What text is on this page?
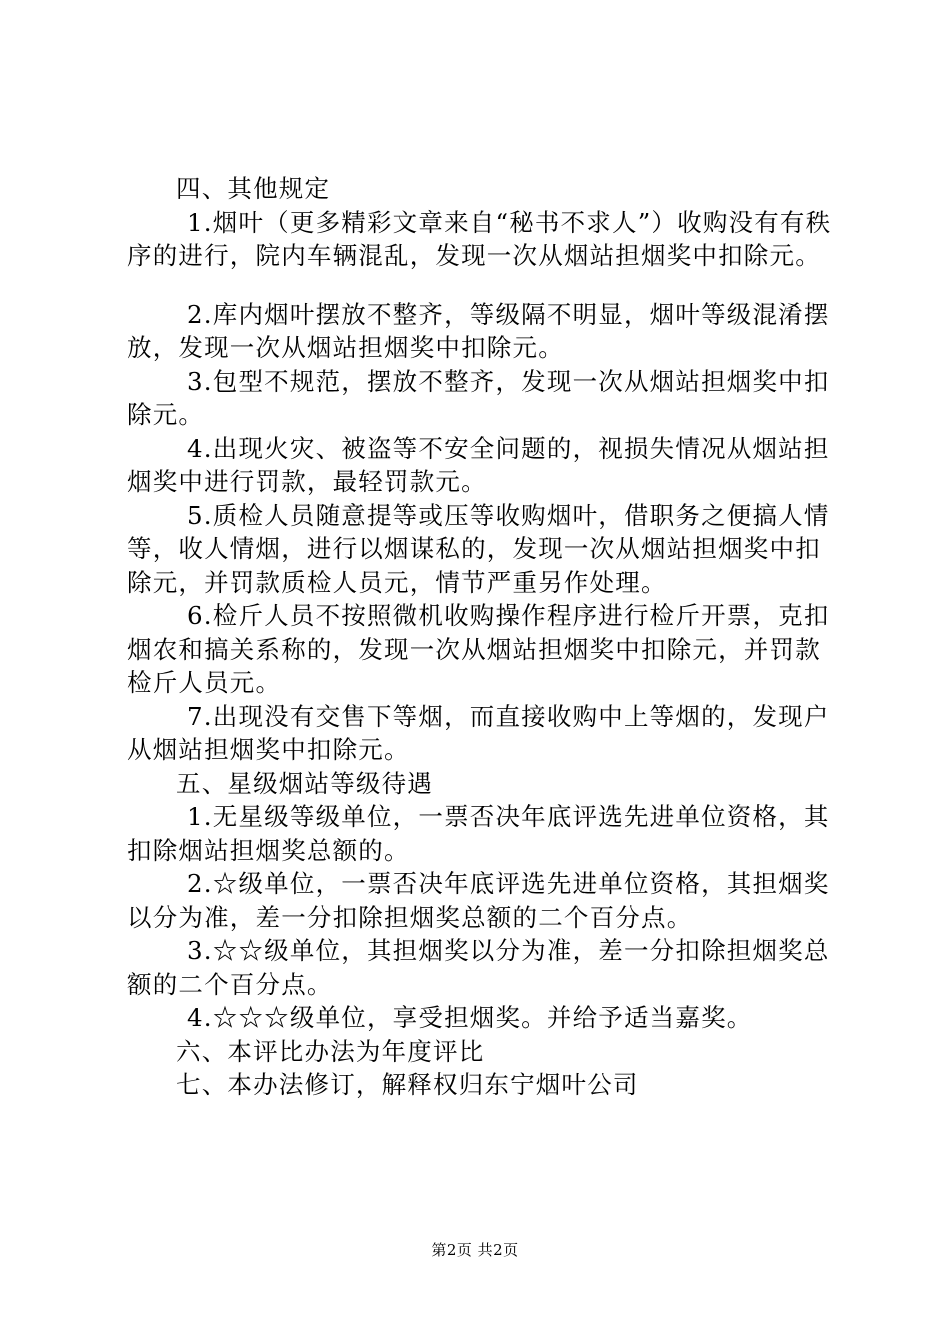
四、其他规定

1.烟叶（更多精彩文章来自“秘书不求人”）收购没有有秩序的进行，院内车辆混乱，发现一次从烟站担烟奖中扣除元。

2.库内烟叶摆放不整齐，等级隔不明显，烟叶等级混淆摆放，发现一次从烟站担烟奖中扣除元。

3.包型不规范，摆放不整齐，发现一次从烟站担烟奖中扣除元。

4.出现火灾、被盗等不安全问题的，视损失情况从烟站担烟奖中进行罚款，最轻罚款元。

5.质检人员随意提等或压等收购烟叶，借职务之便搞人情等，收人情烟，进行以烟谋私的，发现一次从烟站担烟奖中扣除元，并罚款质检人员元，情节严重另作处理。

6.检斤人员不按照微机收购操作程序进行检斤开票，克扣烟农和搞关系称的，发现一次从烟站担烟奖中扣除元，并罚款检斤人员元。

7.出现没有交售下等烟，而直接收购中上等烟的，发现户从烟站担烟奖中扣除元。

五、星级烟站等级待遇

1.无星级等级单位，一票否决年底评选先进单位资格，其扣除烟站担烟奖总额的。

2.☆级单位，一票否决年底评选先进单位资格，其担烟奖以分为准，差一分扣除担烟奖总额的二个百分点。

3.☆☆级单位，其担烟奖以分为准，差一分扣除担烟奖总额的二个百分点。

4.☆☆☆级单位，享受担烟奖。并给予适当嘉奖。

六、本评比办法为年度评比

七、本办法修订，解释权归东宁烟叶公司

第2页 共2页
